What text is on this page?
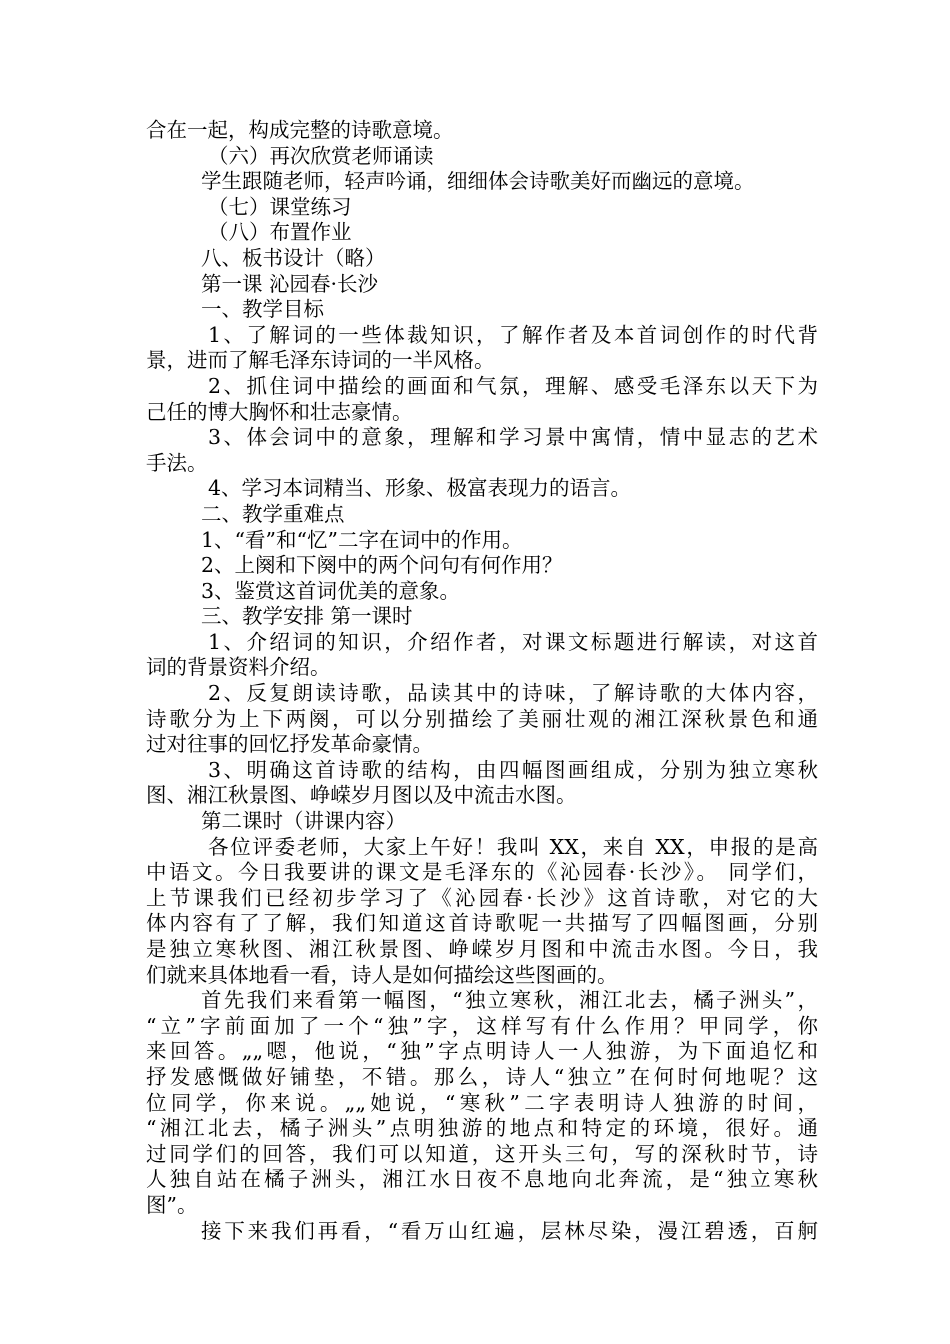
合在一起，构成完整的诗歌意境。
（六）再次欣赏老师诵读
学生跟随老师，轻声吟诵，细细体会诗歌美好而幽远的意境。
（七）课堂练习
（八）布置作业
八、板书设计（略）
第一课 沁园春·长沙
一、教学目标
1、了解词的一些体裁知识，了解作者及本首词创作的时代背
景，进而了解毛泽东诗词的一半风格。
2、抓住词中描绘的画面和气氛，理解、感受毛泽东以天下为
己任的博大胸怀和壮志豪情。
3、体会词中的意象，理解和学习景中寓情，情中显志的艺术
手法。
4、学习本词精当、形象、极富表现力的语言。
二、教学重难点
1、“看”和“忆”二字在词中的作用。
2、上阕和下阕中的两个问句有何作用？
3、鉴赏这首词优美的意象。
三、教学安排 第一课时
1、介绍词的知识，介绍作者，对课文标题进行解读，对这首
词的背景资料介绍。
2、反复朗读诗歌，品读其中的诗味，了解诗歌的大体内容，
诗歌分为上下两阕，可以分别描绘了美丽壮观的湘江深秋景色和通
过对往事的回忆抒发革命豪情。
3、明确这首诗歌的结构，由四幅图画组成，分别为独立寒秋
图、湘江秋景图、峥嵘岁月图以及中流击水图。
第二课时（讲课内容）
各位评委老师，大家上午好！我叫 XX，来自 XX，申报的是高
中语文。今日我要讲的课文是毛泽东的《沁园春·长沙》。 同学们，
上节课我们已经初步学习了《沁园春·长沙》这首诗歌，对它的大
体内容有了了解，我们知道这首诗歌呢一共描写了四幅图画，分别
是独立寒秋图、湘江秋景图、峥嵘岁月图和中流击水图。今日，我
们就来具体地看一看，诗人是如何描绘这些图画的。
首先我们来看第一幅图，“独立寒秋，湘江北去，橘子洲头”，
“立”字前面加了一个“独”字，这样写有什么作用？甲同学，你
来回答。„„嗯，他说，“独”字点明诗人一人独游，为下面追忆和
抒发感慨做好铺垫，不错。那么，诗人“独立”在何时何地呢？这
位同学，你来说。„„她说，“寒秋”二字表明诗人独游的时间，
“湘江北去，橘子洲头”点明独游的地点和特定的环境，很好。通
过同学们的回答，我们可以知道，这开头三句，写的深秋时节，诗
人独自站在橘子洲头，湘江水日夜不息地向北奔流，是“独立寒秋
图”。
接下来我们再看，“看万山红遍，层林尽染，漫江碧透，百舸
